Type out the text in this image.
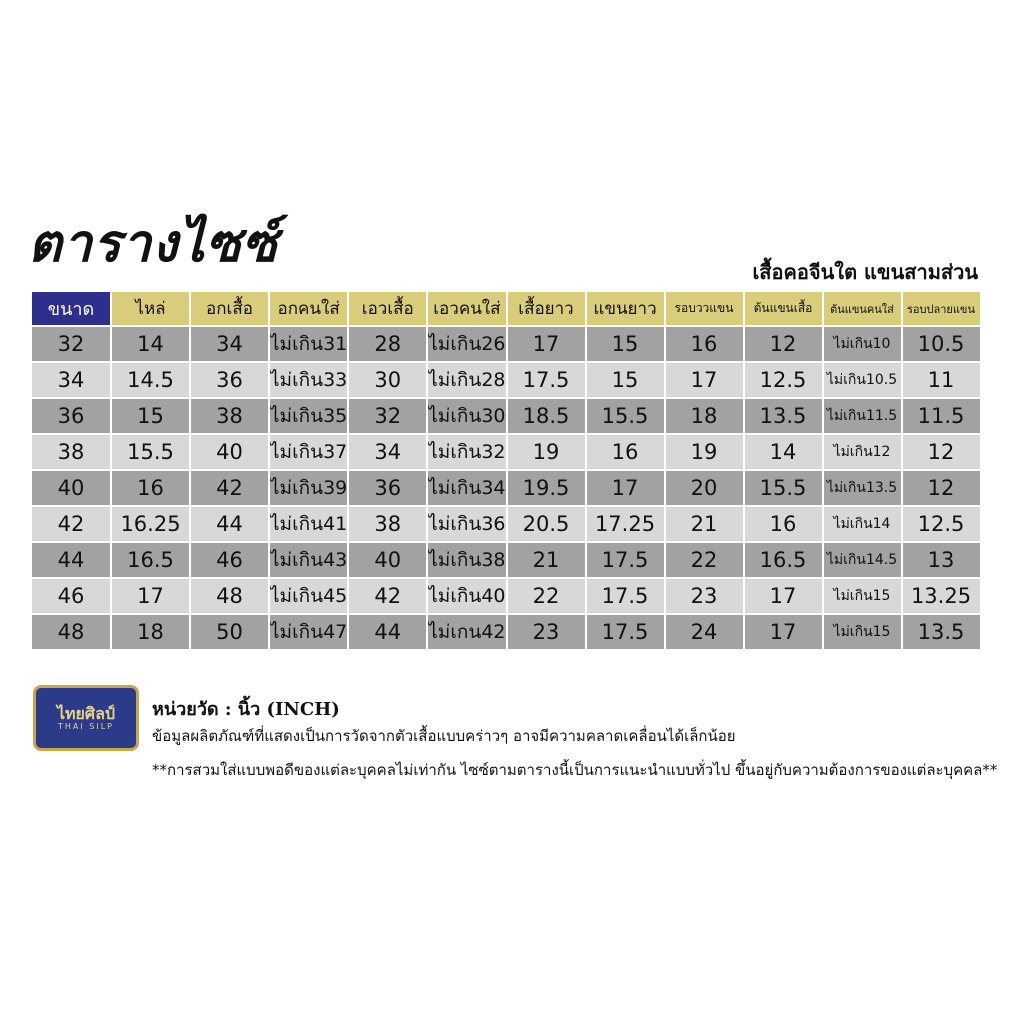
ตารางไซซ์	เสื้อคอจีนใต แขนสามส่วน
ขนาด	ไหล่	อกเสื้อ	อกคนใส่	เอวเสื้อ	เอวคนใส่	เสื้อยาว	แขนยาว	รอบววแขน	ต้นแขนเสื้อ	ต้นแขนคนใส่	รอบปลายแขน
32	14	34	ไม่เกิน31	28	ไม่เกิน26	17	15	16	12	ไม่เกิน10	10.5
34	14.5	36	ไม่เกิน33	30	ไม่เกิน28	17.5	15	17	12.5	ไม่เกิน10.5	11
36	15	38	ไม่เกิน35	32	ไม่เกิน30	18.5	15.5	18	13.5	ไม่เกิน11.5	11.5
38	15.5	40	ไม่เกิน37	34	ไม่เกิน32	19	16	19	14	ไม่เกิน12	12
40	16	42	ไม่เกิน39	36	ไม่เกิน34	19.5	17	20	15.5	ไม่เกิน13.5	12
42	16.25	44	ไม่เกิน41	38	ไม่เกิน36	20.5	17.25	21	16	ไม่เกิน14	12.5
44	16.5	46	ไม่เกิน43	40	ไม่เกิน38	21	17.5	22	16.5	ไม่เกิน14.5	13
46	17	48	ไม่เกิน45	42	ไม่เกิน40	22	17.5	23	17	ไม่เกิน15	13.25
48	18	50	ไม่เกิน47	44	ไม่เกน42	23	17.5	24	17	ไม่เกิน15	13.5
ไทยศิลป์
THAI SILP
หน่วยวัด : นิ้ว (INCH)
ข้อมูลผลิตภัณฑ์ที่แสดงเป็นการวัดจากตัวเสื้อแบบคร่าวๆ อาจมีความคลาดเคลื่อนได้เล็กน้อย
**การสวมใส่แบบพอดีของแต่ละบุคคลไม่เท่ากัน ไซซ์ตามตารางนี้เป็นการแนะนำแบบทั่วไป ขึ้นอยู่กับความต้องการของแต่ละบุคคล**
